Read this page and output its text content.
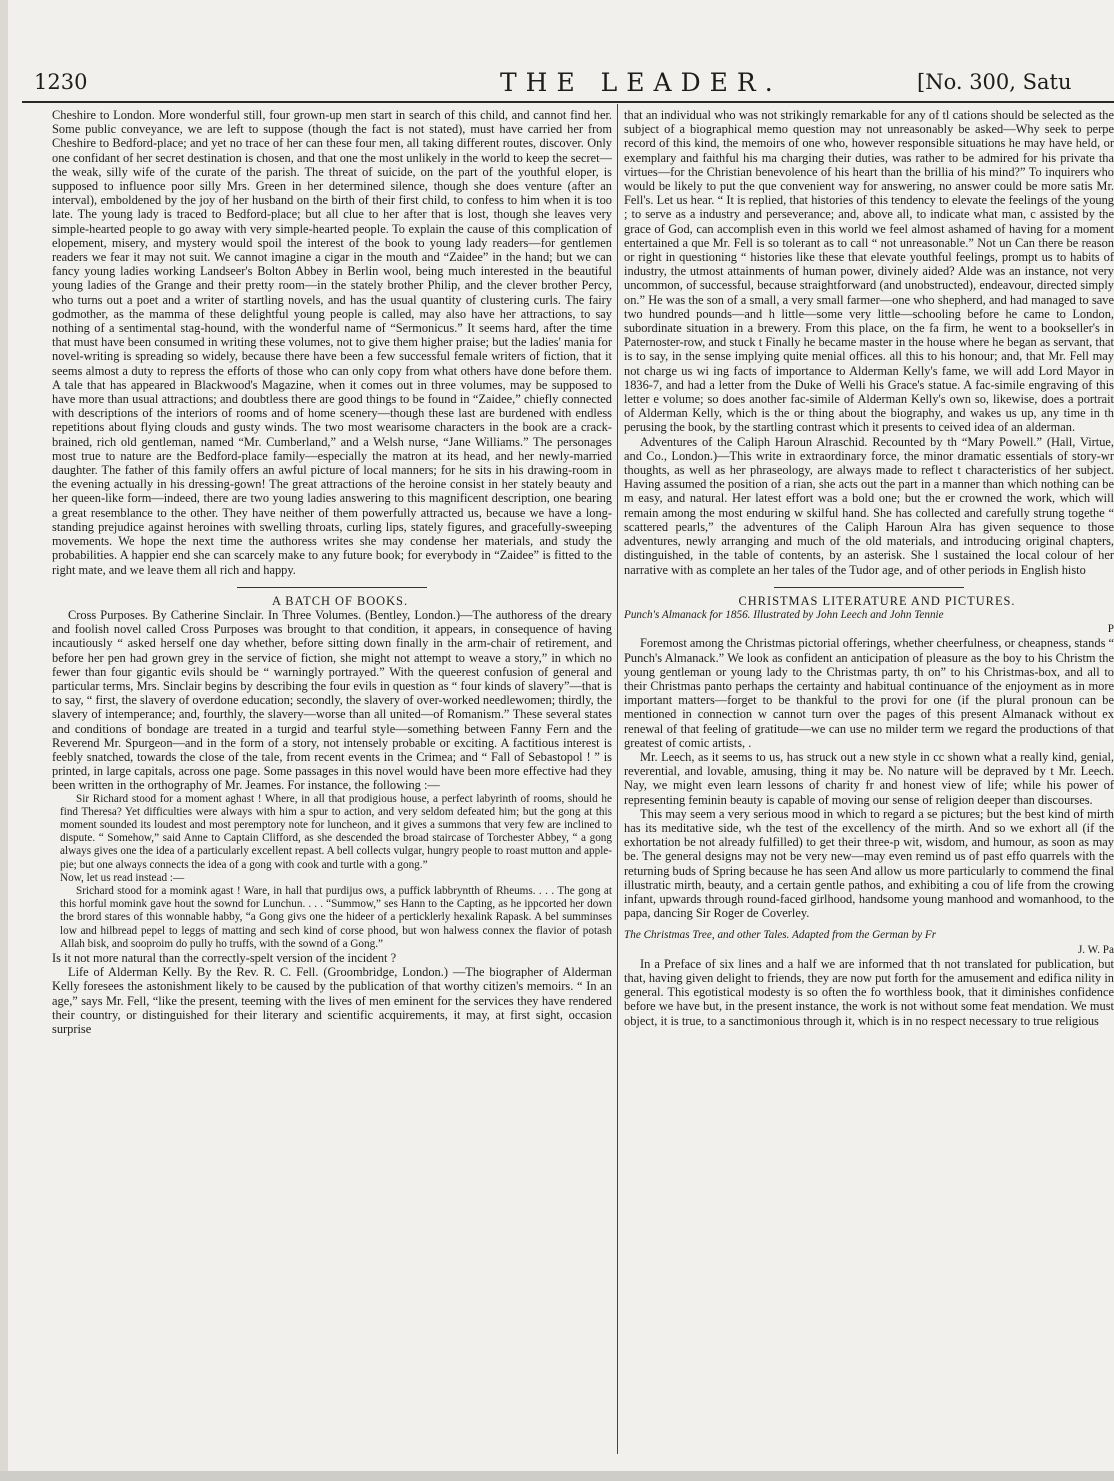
1230	THE LEADER.	[No. 300, Satu

Cheshire to London. More wonderful still, four grown-up men start in search of this child, and cannot find her. Some public conveyance, we are left to suppose (though the fact is not stated), must have carried her from Cheshire to Bedford-place; and yet no trace of her can these four men, all taking different routes, discover. Only one confidant of her secret destination is chosen, and that one the most unlikely in the world to keep the secret—the weak, silly wife of the curate of the parish. The threat of suicide, on the part of the youthful eloper, is supposed to influence poor silly Mrs. Green in her determined silence, though she does venture (after an interval), emboldened by the joy of her husband on the birth of their first child, to confess to him when it is too late. The young lady is traced to Bedford-place; but all clue to her after that is lost, though she leaves very simple-hearted people to go away with very simple-hearted people. To explain the cause of this complication of elopement, misery, and mystery would spoil the interest of the book to young lady readers—for gentlemen readers we fear it may not suit. We cannot imagine a cigar in the mouth and “Zaidee” in the hand; but we can fancy young ladies working Landseer's Bolton Abbey in Berlin wool, being much interested in the beautiful young ladies of the Grange and their pretty room—in the stately brother Philip, and the clever brother Percy, who turns out a poet and a writer of startling novels, and has the usual quantity of clustering curls. The fairy godmother, as the mamma of these delightful young people is called, may also have her attractions, to say nothing of a sentimental stag-hound, with the wonderful name of “Sermonicus.” It seems hard, after the time that must have been consumed in writing these volumes, not to give them higher praise; but the ladies' mania for novel-writing is spreading so widely, because there have been a few successful female writers of fiction, that it seems almost a duty to repress the efforts of those who can only copy from what others have done before them. A tale that has appeared in Blackwood's Magazine, when it comes out in three volumes, may be supposed to have more than usual attractions; and doubtless there are good things to be found in “Zaidee,” chiefly connected with descriptions of the interiors of rooms and of home scenery—though these last are burdened with endless repetitions about flying clouds and gusty winds. The two most wearisome characters in the book are a crack-brained, rich old gentleman, named “Mr. Cumberland,” and a Welsh nurse, “Jane Williams.” The personages most true to nature are the Bedford-place family—especially the matron at its head, and her newly-married daughter. The father of this family offers an awful picture of local manners; for he sits in his drawing-room in the evening actually in his dressing-gown! The great attractions of the heroine consist in her stately beauty and her queen-like form—indeed, there are two young ladies answering to this magnificent description, one bearing a great resemblance to the other. They have neither of them powerfully attracted us, because we have a long-standing prejudice against heroines with swelling throats, curling lips, stately figures, and gracefully-sweeping movements. We hope the next time the authoress writes she may condense her materials, and study the probabilities. A happier end she can scarcely make to any future book; for everybody in “Zaidee” is fitted to the right mate, and we leave them all rich and happy.

A BATCH OF BOOKS.

Cross Purposes. By Catherine Sinclair. In Three Volumes. (Bentley, London.)—The authoress of the dreary and foolish novel called Cross Purposes was brought to that condition, it appears, in consequence of having incautiously “ asked herself one day whether, before sitting down finally in the arm-chair of retirement, and before her pen had grown grey in the service of fiction, she might not attempt to weave a story,” in which no fewer than four gigantic evils should be “ warningly portrayed.” With the queerest confusion of general and particular terms, Mrs. Sinclair begins by describing the four evils in question as “ four kinds of slavery”—that is to say, “ first, the slavery of overdone education; secondly, the slavery of over-worked needlewomen; thirdly, the slavery of intemperance; and, fourthly, the slavery—worse than all united—of Romanism.” These several states and conditions of bondage are treated in a turgid and tearful style—something between Fanny Fern and the Reverend Mr. Spurgeon—and in the form of a story, not intensely probable or exciting. A factitious interest is feebly snatched, towards the close of the tale, from recent events in the Crimea; and “ Fall of Sebastopol ! ” is printed, in large capitals, across one page. Some passages in this novel would have been more effective had they been written in the orthography of Mr. Jeames. For instance, the following :—

Sir Richard stood for a moment aghast ! Where, in all that prodigious house, a perfect labyrinth of rooms, should he find Theresa? Yet difficulties were always with him a spur to action, and very seldom defeated him; but the gong at this moment sounded its loudest and most peremptory note for luncheon, and it gives a summons that very few are inclined to dispute. “ Somehow,” said Anne to Captain Clifford, as she descended the broad staircase of Torchester Abbey, “ a gong always gives one the idea of a particularly excellent repast. A bell collects vulgar, hungry people to roast mutton and apple-pie; but one always connects the idea of a gong with cook and turtle with a gong.”

Now, let us read instead :—

Srichard stood for a momink agast ! Ware, in hall that purdijus ows, a puffick labbryntth of Rheums. . . . The gong at this horful momink gave hout the sownd for Lunchun. . . . “Summow,” ses Hann to the Capting, as he ippcorted her down the brord stares of this wonnable habby, “a Gong givs one the hideer of a perticklerly hexalink Rapask. A bel summinses low and hilbread pepel to leggs of matting and sech kind of corse phood, but won halwess connex the flavior of potash Allah bisk, and sooproim do pully ho truffs, with the sownd of a Gong.”

Is it not more natural than the correctly-spelt version of the incident ?

Life of Alderman Kelly. By the Rev. R. C. Fell. (Groombridge, London.) —The biographer of Alderman Kelly foresees the astonishment likely to be caused by the publication of that worthy citizen's memoirs. “ In an age,” says Mr. Fell, “like the present, teeming with the lives of men eminent for the services they have rendered their country, or distinguished for their literary and scientific acquirements, it may, at first sight, occasion surprise

that an individual who was not strikingly remarkable for any of tl cations should be selected as the subject of a biographical memo question may not unreasonably be asked—Why seek to perpe record of this kind, the memoirs of one who, however responsible situations he may have held, or exemplary and faithful his ma charging their duties, was rather to be admired for his private tha virtues—for the Christian benevolence of his heart than the brillia of his mind?” To inquirers who would be likely to put the que convenient way for answering, no answer could be more satis Mr. Fell's. Let us hear. “ It is replied, that histories of this tendency to elevate the feelings of the young ; to serve as a industry and perseverance; and, above all, to indicate what man, c assisted by the grace of God, can accomplish even in this world we feel almost ashamed of having for a moment entertained a que Mr. Fell is so tolerant as to call “ not unreasonable.” Not un Can there be reason or right in questioning “ histories like these that elevate youthful feelings, prompt us to habits of industry, the utmost attainments of human power, divinely aided? Alde was an instance, not very uncommon, of successful, because straightforward (and unobstructed), endeavour, directed simply on.” He was the son of a small, a very small farmer—one who shepherd, and had managed to save two hundred pounds—and h little—some very little—schooling before he came to London, subordinate situation in a brewery. From this place, on the fa firm, he went to a bookseller's in Paternoster-row, and stuck t Finally he became master in the house where he began as servant, that is to say, in the sense implying quite menial offices. all this to his honour; and, that Mr. Fell may not charge us wi ing facts of importance to Alderman Kelly's fame, we will add Lord Mayor in 1836-7, and had a letter from the Duke of Welli his Grace's statue. A fac-simile engraving of this letter e volume; so does another fac-simile of Alderman Kelly's own so, likewise, does a portrait of Alderman Kelly, which is the or thing about the biography, and wakes us up, any time in th perusing the book, by the startling contrast which it presents to ceived idea of an alderman.

Adventures of the Caliph Haroun Alraschid. Recounted by th “Mary Powell.” (Hall, Virtue, and Co., London.)—This write in extraordinary force, the minor dramatic essentials of story-wr thoughts, as well as her phraseology, are always made to reflect t characteristics of her subject. Having assumed the position of a rian, she acts out the part in a manner than which nothing can be m easy, and natural. Her latest effort was a bold one; but the er crowned the work, which will remain among the most enduring w skilful hand. She has collected and carefully strung togethe “ scattered pearls,” the adventures of the Caliph Haroun Alra has given sequence to those adventures, newly arranging and much of the old materials, and introducing original chapters, distinguished, in the table of contents, by an asterisk. She l sustained the local colour of her narrative with as complete an her tales of the Tudor age, and of other periods in English histo

CHRISTMAS LITERATURE AND PICTURES.

Punch's Almanack for 1856. Illustrated by John Leech and John Tennie

P

Foremost among the Christmas pictorial offerings, whether cheerfulness, or cheapness, stands “ Punch's Almanack.” We look as confident an anticipation of pleasure as the boy to his Christm the young gentleman or young lady to the Christmas party, th on” to his Christmas-box, and all to their Christmas panto perhaps the certainty and habitual continuance of the enjoyment as in more important matters—forget to be thankful to the provi for one (if the plural pronoun can be mentioned in connection w cannot turn over the pages of this present Almanack without ex renewal of that feeling of gratitude—we can use no milder term we regard the productions of that greatest of comic artists, .

Mr. Leech, as it seems to us, has struck out a new style in cc shown what a really kind, genial, reverential, and lovable, amusing, thing it may be. No nature will be depraved by t Mr. Leech. Nay, we might even learn lessons of charity fr and honest view of life; while his power of representing feminin beauty is capable of moving our sense of religion deeper than discourses.

This may seem a very serious mood in which to regard a se pictures; but the best kind of mirth has its meditative side, wh the test of the excellency of the mirth. And so we exhort all (if the exhortation be not already fulfilled) to get their three-p wit, wisdom, and humour, as soon as may be. The general designs may not be very new—may even remind us of past effo quarrels with the returning buds of Spring because he has seen And allow us more particularly to commend the final illustratic mirth, beauty, and a certain gentle pathos, and exhibiting a cou of life from the crowing infant, upwards through round-faced girlhood, handsome young manhood and womanhood, to the papa, dancing Sir Roger de Coverley.

The Christmas Tree, and other Tales. Adapted from the German by Fr

J. W. Pa

In a Preface of six lines and a half we are informed that th not translated for publication, but that, having given delight to friends, they are now put forth for the amusement and edifica nility in general. This egotistical modesty is so often the fo worthless book, that it diminishes confidence before we have but, in the present instance, the work is not without some feat mendation. We must object, it is true, to a sanctimonious through it, which is in no respect necessary to true religious
